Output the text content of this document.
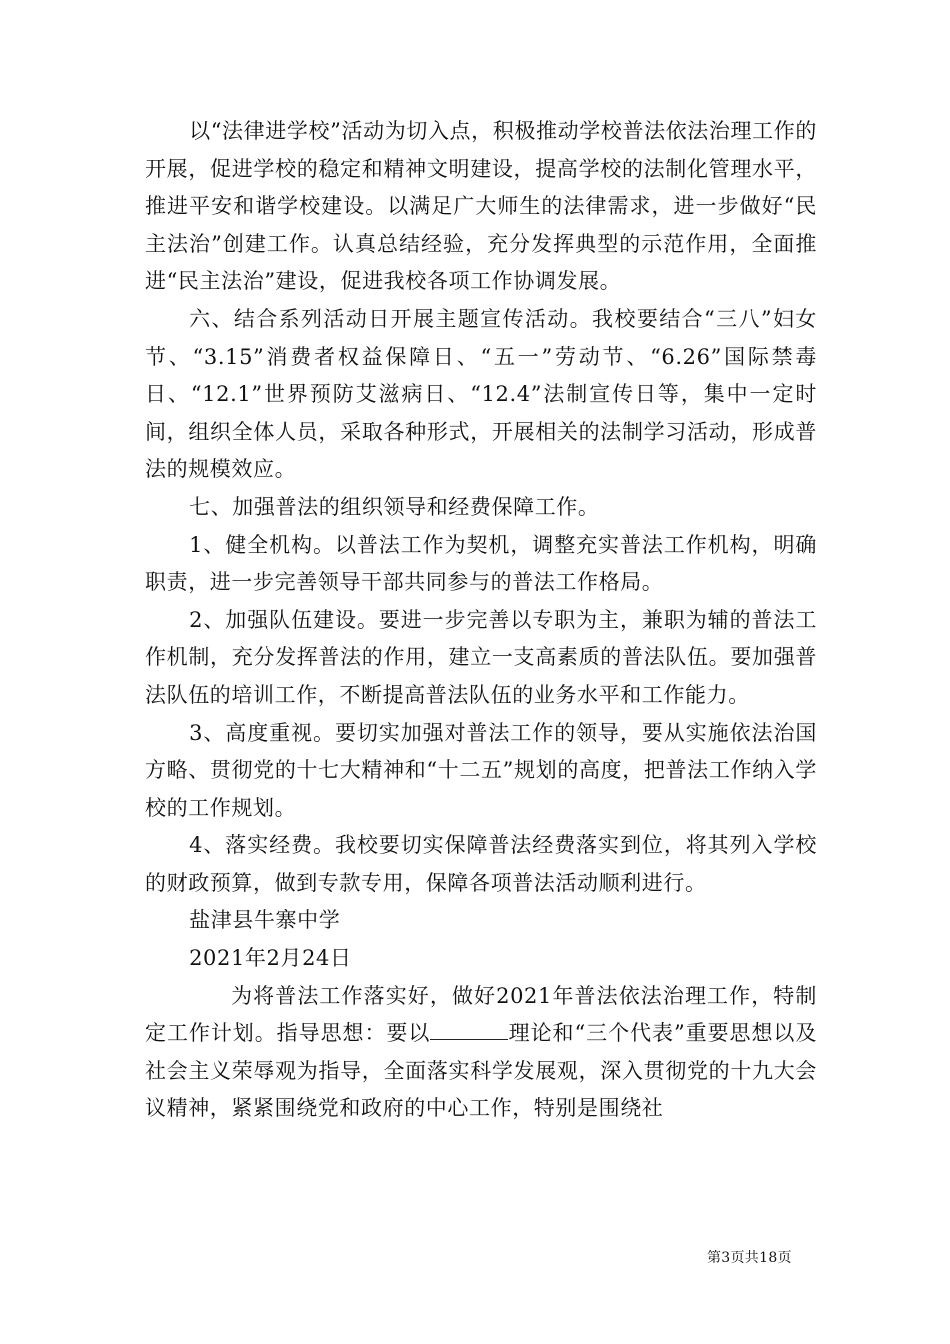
以“法律进学校”活动为切入点，积极推动学校普法依法治理工作的开展，促进学校的稳定和精神文明建设，提高学校的法制化管理水平，推进平安和谐学校建设。以满足广大师生的法律需求，进一步做好“民主法治”创建工作。认真总结经验，充分发挥典型的示范作用，全面推进“民主法治”建设，促进我校各项工作协调发展。

六、结合系列活动日开展主题宣传活动。我校要结合“三八”妇女节、“3.15”消费者权益保障日、“五一”劳动节、“6.26”国际禁毒日、“12.1”世界预防艾滋病日、“12.4”法制宣传日等，集中一定时间，组织全体人员，采取各种形式，开展相关的法制学习活动，形成普法的规模效应。

七、加强普法的组织领导和经费保障工作。

1、健全机构。以普法工作为契机，调整充实普法工作机构，明确职责，进一步完善领导干部共同参与的普法工作格局。

2、加强队伍建设。要进一步完善以专职为主，兼职为辅的普法工作机制，充分发挥普法的作用，建立一支高素质的普法队伍。要加强普法队伍的培训工作，不断提高普法队伍的业务水平和工作能力。

3、高度重视。要切实加强对普法工作的领导，要从实施依法治国方略、贯彻党的十七大精神和“十二五”规划的高度，把普法工作纳入学校的工作规划。

4、落实经费。我校要切实保障普法经费落实到位，将其列入学校的财政预算，做到专款专用，保障各项普法活动顺利进行。

盐津县牛寨中学

2021年2月24日

为将普法工作落实好，做好2021年普法依法治理工作，特制定工作计划。指导思想：要以	理论和“三个代表”重要思想以及社会主义荣辱观为指导，全面落实科学发展观，深入贯彻党的十九大会议精神，紧紧围绕党和政府的中心工作，特别是围绕社

第3页共18页
